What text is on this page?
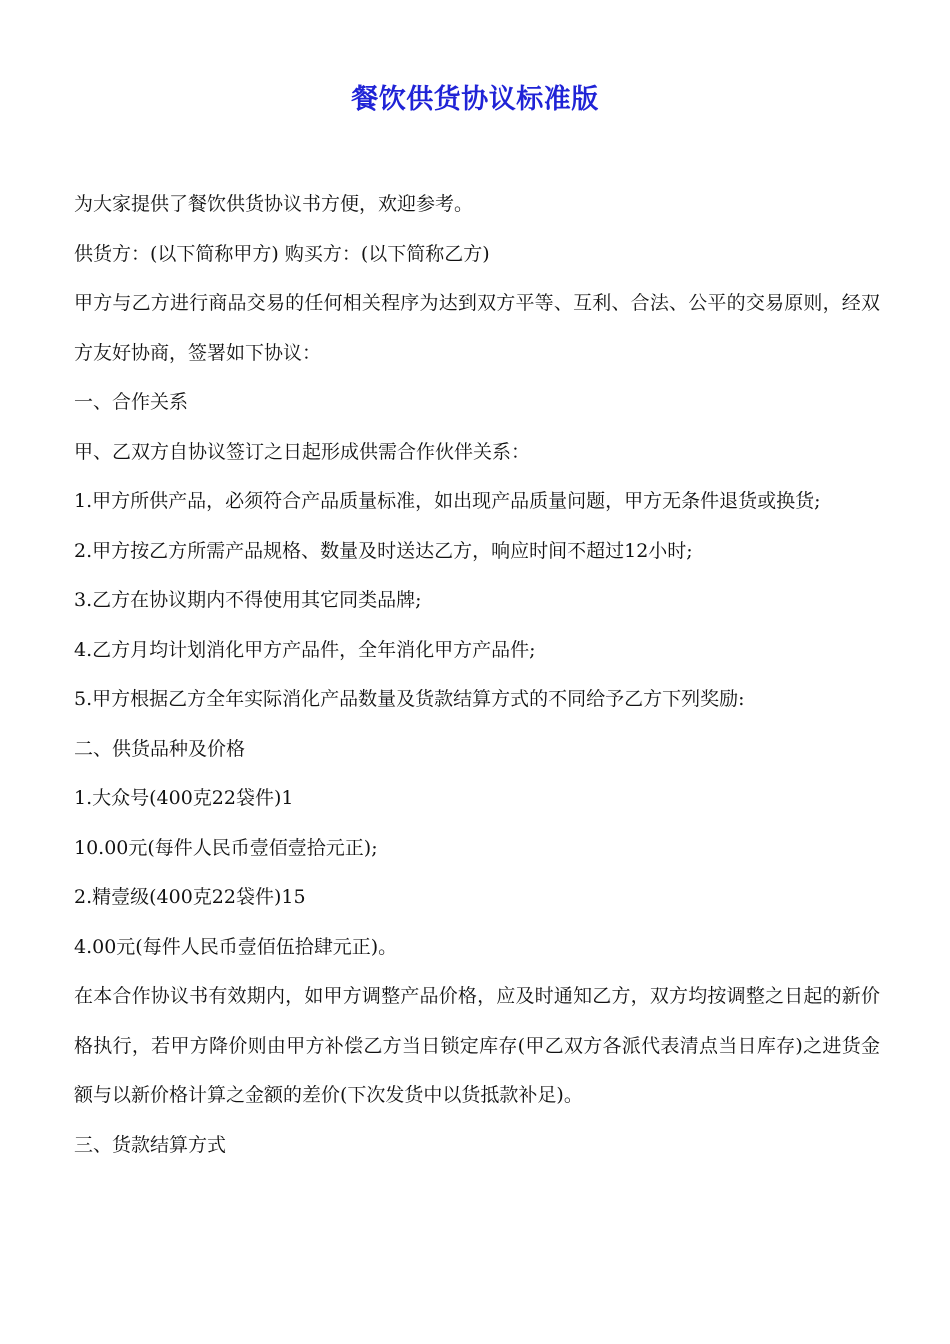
餐饮供货协议标准版

为大家提供了餐饮供货协议书方便，欢迎参考。

供货方：(以下简称甲方) 购买方：(以下简称乙方)

甲方与乙方进行商品交易的任何相关程序为达到双方平等、互利、合法、公平的交易原则，经双方友好协商，签署如下协议：

一、合作关系

甲、乙双方自协议签订之日起形成供需合作伙伴关系：

1.甲方所供产品，必须符合产品质量标准，如出现产品质量问题，甲方无条件退货或换货;

2.甲方按乙方所需产品规格、数量及时送达乙方，响应时间不超过12小时;

3.乙方在协议期内不得使用其它同类品牌;

4.乙方月均计划消化甲方产品件，全年消化甲方产品件;

5.甲方根据乙方全年实际消化产品数量及货款结算方式的不同给予乙方下列奖励:

二、供货品种及价格

1.大众号(400克22袋件)1

10.00元(每件人民币壹佰壹拾元正);

2.精壹级(400克22袋件)15

4.00元(每件人民币壹佰伍拾肆元正)。

在本合作协议书有效期内，如甲方调整产品价格，应及时通知乙方，双方均按调整之日起的新价格执行，若甲方降价则由甲方补偿乙方当日锁定库存(甲乙双方各派代表清点当日库存)之进货金额与以新价格计算之金额的差价(下次发货中以货抵款补足)。

三、货款结算方式
